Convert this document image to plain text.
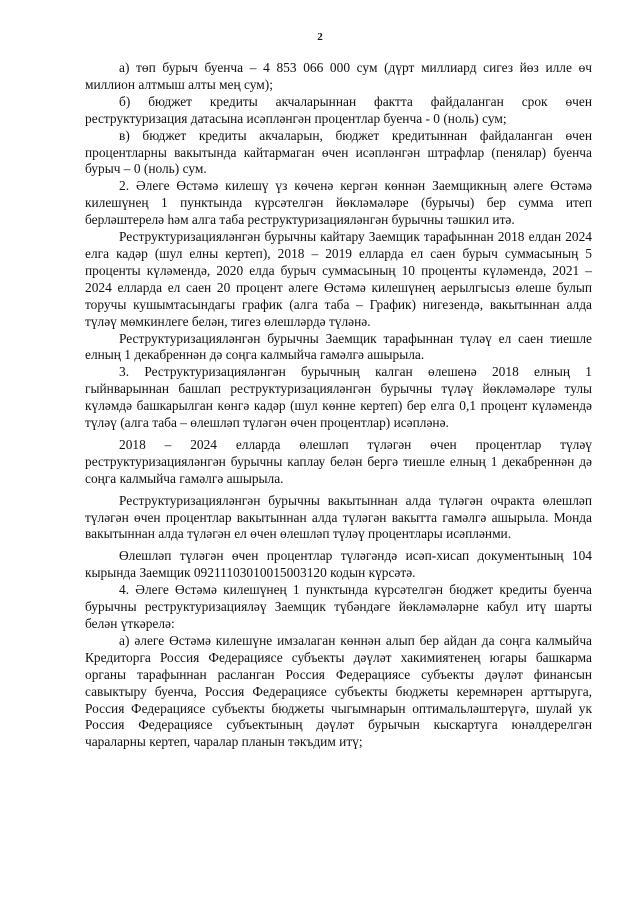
2

а) төп бурыч буенча – 4 853 066 000 сум (дүрт миллиард сигез йөз илле өч миллион алтмыш алты мең сум);

б) бюджет кредиты акчаларыннан фактта файдаланган срок өчен реструктуризация датасына исәпләнгән процентлар буенча - 0 (ноль) сум;

в) бюджет кредиты акчаларын, бюджет кредитыннан файдаланган өчен процентларны вакытында кайтармаган өчен исәпләнгән штрафлар (пенялар) буенча бурыч – 0 (ноль) сум.

2. Әлеге Өстәмә килешү үз көченә кергән көннән Заемщикның әлеге Өстәмә килешүнең 1 пунктында күрсәтелгән йөкләмәләре (бурычы) бер сумма итеп берләштерелә һәм алга таба реструктуризацияләнгән бурычны тәшкил итә.

Реструктуризацияләнгән бурычны кайтару Заемщик тарафыннан 2018 елдан 2024 елга кадәр (шул елны кертеп), 2018 – 2019 елларда ел саен бурыч суммасының 5 проценты күләмендә, 2020 елда бурыч суммасының 10 проценты күләмендә, 2021 – 2024 елларда ел саен 20 процент әлеге Өстәмә килешүнең аерылгысыз өлеше булып торучы кушымтасындагы график (алга таба – График) нигезендә, вакытыннан алда түләү мөмкинлеге белән, тигез өлешләрдә түләнә.

Реструктуризацияләнгән бурычны Заемщик тарафыннан түләү ел саен тиешле елның 1 декабреннән дә соңга калмыйча гамәлгә ашырыла.

3. Реструктуризацияләнгән бурычның калган өлешенә 2018 елның 1 гыйнварыннан башлап реструктуризацияләнгән бурычны түләү йөкләмәләре тулы күләмдә башкарылган көнгә кадәр (шул көнне кертеп) бер елга 0,1 процент күләмендә түләү (алга таба – өлешләп түләгән өчен процентлар) исәпләнә.

2018 – 2024 елларда өлешләп түләгән өчен процентлар түләү реструктуризацияләнгән бурычны каплау белән бергә тиешле елның 1 декабреннән дә соңга калмыйча гамәлгә ашырыла.

Реструктуризацияләнгән бурычны вакытыннан алда түләгән очракта өлешләп түләгән өчен процентлар вакытыннан алда түләгән вакытта гамәлгә ашырыла. Монда вакытыннан алда түләгән ел өчен өлешләп түләү процентлары исәпләнми.

Өлешләп түләгән өчен процентлар түләгәндә исәп-хисап документының 104 кырында Заемщик 09211103010015003120 кодын күрсәтә.

4. Әлеге Өстәмә килешүнең 1 пунктында күрсәтелгән бюджет кредиты буенча бурычны реструктуризацияләү Заемщик түбәндәге йөкләмәләрне кабул итү шарты белән үткәрелә:

а) әлеге Өстәмә килешүне имзалаган көннән алып бер айдан да соңга калмыйча Кредиторга Россия Федерациясе субъекты дәүләт хакимиятенең югары башкарма органы тарафыннан расланган Россия Федерациясе субъекты дәүләт финансын савыктыру буенча, Россия Федерациясе субъекты бюджеты керемнәрен арттыруга, Россия Федерациясе субъекты бюджеты чыгымнарын оптимальләштерүгә, шулай ук Россия Федерациясе субъектының дәүләт бурычын кыскартуга юнәлдерелгән чараларны кертеп, чаралар планын тәкъдим итү;
